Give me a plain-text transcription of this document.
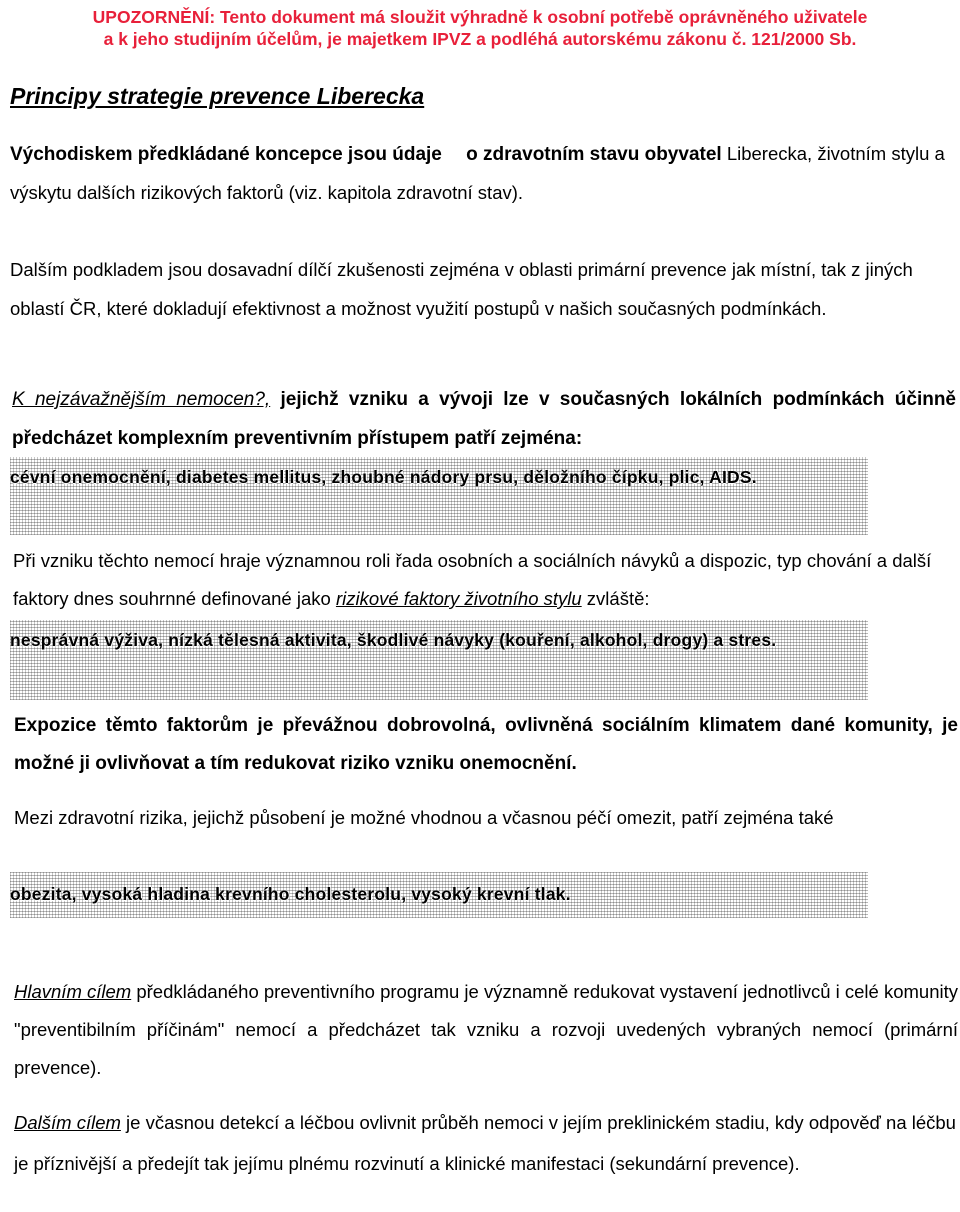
UPOZORNĚNÍ: Tento dokument má sloužit výhradně k osobní potřebě oprávněného uživatele
a k jeho studijním účelům, je majetkem IPVZ a podléhá autorskému zákonu č. 121/2000 Sb.
Principy strategie prevence Liberecka
Východiskem předkládané koncepce jsou údaje o zdravotním stavu obyvatel Liberecka, životním stylu a výskytu dalších rizikových faktorů (viz. kapitola zdravotní stav).
Dalším podkladem jsou dosavadní dílčí zkušenosti zejména v oblasti primární prevence jak místní, tak z jiných oblastí ČR, které dokladují efektivnost a možnost využití postupů v našich současných podmínkách.
K nejzávažnějším nemocen?, jejichž vzniku a vývoji lze v současných lokálních podmínkách účinně předcházet komplexním preventivním přístupem patří zejména:
cévní onemocnění, diabetes mellitus, zhoubné nádory prsu, děložního čípku, plic, AIDS.
Při vzniku těchto nemocí hraje významnou roli řada osobních a sociálních návyků a dispozic, typ chování a další faktory dnes souhrnné definované jako rizikové faktory životního stylu zvláště:
nesprávná výživa, nízká tělesná aktivita, škodlivé návyky (kouření, alkohol, drogy) a stres.
Expozice těmto faktorům je převážnou dobrovolná, ovlivněná sociálním klimatem dané komunity, je možné ji ovlivňovat a tím redukovat riziko vzniku onemocnění.
Mezi zdravotní rizika, jejichž působení je možné vhodnou a včasnou péčí omezit, patří zejména také
obezita, vysoká hladina krevního cholesterolu, vysoký krevní tlak.
Hlavním cílem předkládaného preventivního programu je významně redukovat vystavení jednotlivců i celé komunity "preventibilním příčinám" nemocí a předcházet tak vzniku a rozvoji uvedených vybraných nemocí (primární prevence).
Dalším cílem je včasnou detekcí a léčbou ovlivnit průběh nemoci v jejím preklinickém stadiu, kdy odpověď na léčbu je příznivější a předejít tak jejímu plnému rozvinutí a klinické manifestaci (sekundární prevence).
